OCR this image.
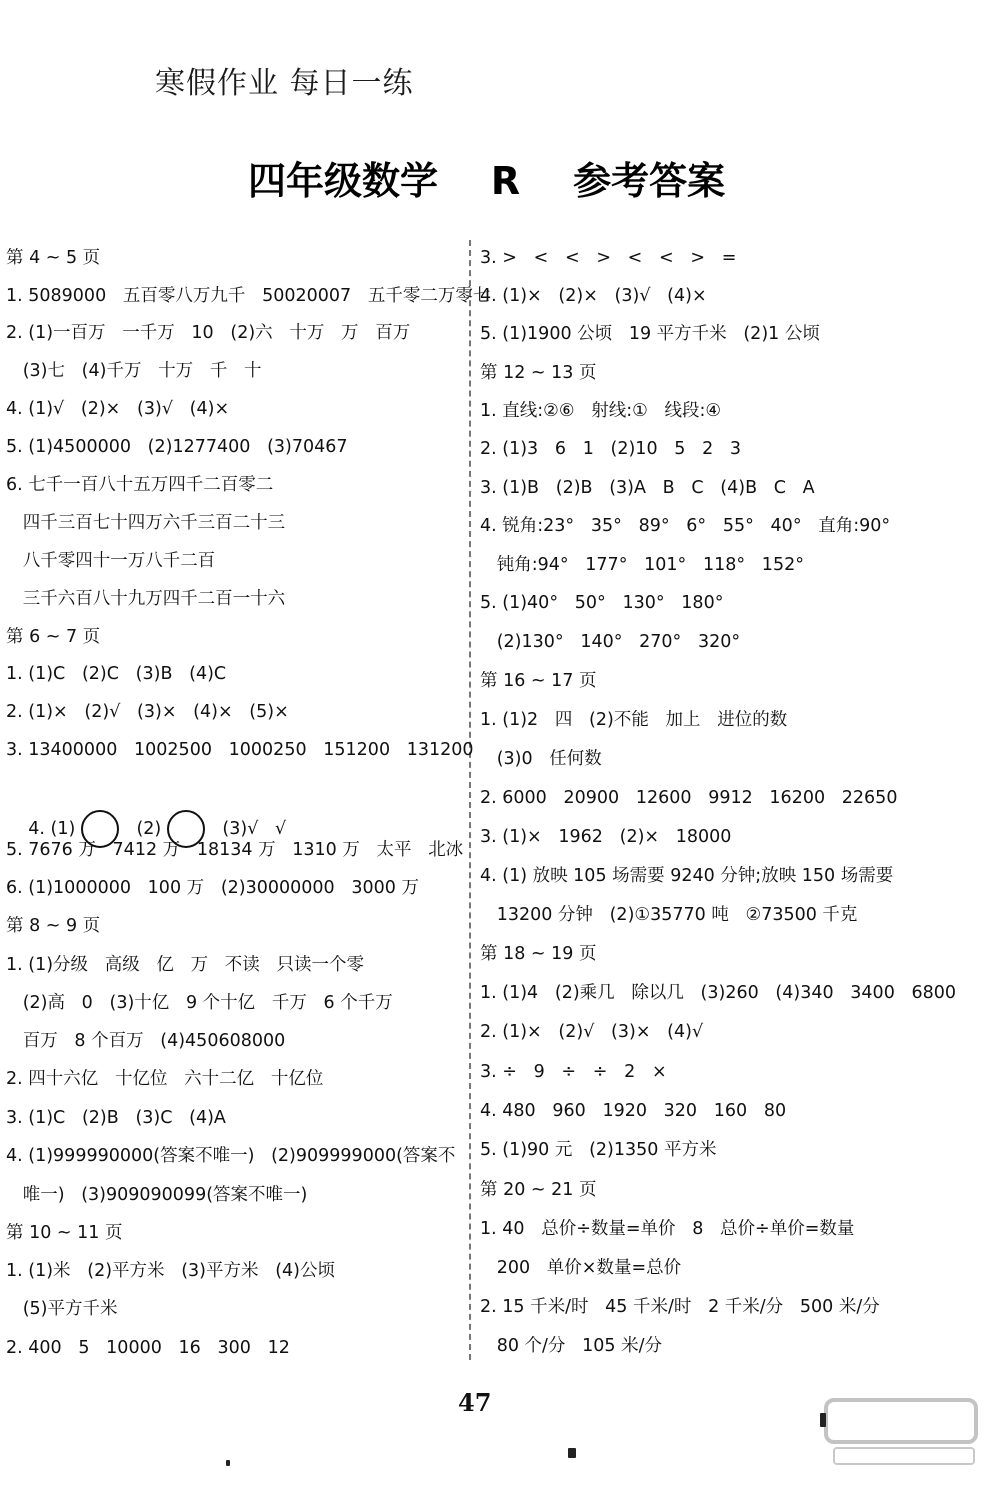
寒假作业 每日一练
四年级数学    R    参考答案
第 4 ~ 5 页
1. 5089000   五百零八万九千   50020007   五千零二万零七
2. (1)一百万   一千万   10   (2)六   十万   万   百万
(3)七   (4)千万   十万   千   十
4. (1)√   (2)×   (3)√   (4)×
5. (1)4500000   (2)1277400   (3)70467
6. 七千一百八十五万四千二百零二
四千三百七十四万六千三百二十三
八千零四十一万八千二百
三千六百八十九万四千二百一十六
第 6 ~ 7 页
1. (1)C   (2)C   (3)B   (4)C
2. (1)×   (2)√   (3)×   (4)×   (5)×
3. 13400000   1002500   1000250   151200   131200

4. (1)	(2)	(3)√   √

5. 7676 万   7412 万   18134 万   1310 万   太平   北冰
6. (1)1000000   100 万   (2)30000000   3000 万
第 8 ~ 9 页
1. (1)分级   高级   亿   万   不读   只读一个零
(2)高   0   (3)十亿   9 个十亿   千万   6 个千万
百万   8 个百万   (4)450608000
2. 四十六亿   十亿位   六十二亿   十亿位
3. (1)C   (2)B   (3)C   (4)A
4. (1)999990000(答案不唯一)   (2)909999000(答案不
唯一)   (3)909090099(答案不唯一)
第 10 ~ 11 页
1. (1)米   (2)平方米   (3)平方米   (4)公顷
(5)平方千米
2. 400   5   10000   16   300   12
3. >   <   <   >   <   <   >   =
4. (1)×   (2)×   (3)√   (4)×
5. (1)1900 公顷   19 平方千米   (2)1 公顷
第 12 ~ 13 页
1. 直线:②⑥   射线:①   线段:④
2. (1)3   6   1   (2)10   5   2   3
3. (1)B   (2)B   (3)A   B   C   (4)B   C   A
4. 锐角:23°   35°   89°   6°   55°   40°   直角:90°
钝角:94°   177°   101°   118°   152°
5. (1)40°   50°   130°   180°
(2)130°   140°   270°   320°
第 16 ~ 17 页
1. (1)2   四   (2)不能   加上   进位的数
(3)0   任何数
2. 6000   20900   12600   9912   16200   22650
3. (1)×   1962   (2)×   18000
4. (1) 放映 105 场需要 9240 分钟;放映 150 场需要
13200 分钟   (2)①35770 吨   ②73500 千克
第 18 ~ 19 页
1. (1)4   (2)乘几   除以几   (3)260   (4)340   3400   6800
2. (1)×   (2)√   (3)×   (4)√
3. ÷   9   ÷   ÷   2   ×
4. 480   960   1920   320   160   80
5. (1)90 元   (2)1350 平方米
第 20 ~ 21 页
1. 40   总价÷数量=单价   8   总价÷单价=数量
200   单价×数量=总价
2. 15 千米/时   45 千米/时   2 千米/分   500 米/分
80 个/分   105 米/分
47
